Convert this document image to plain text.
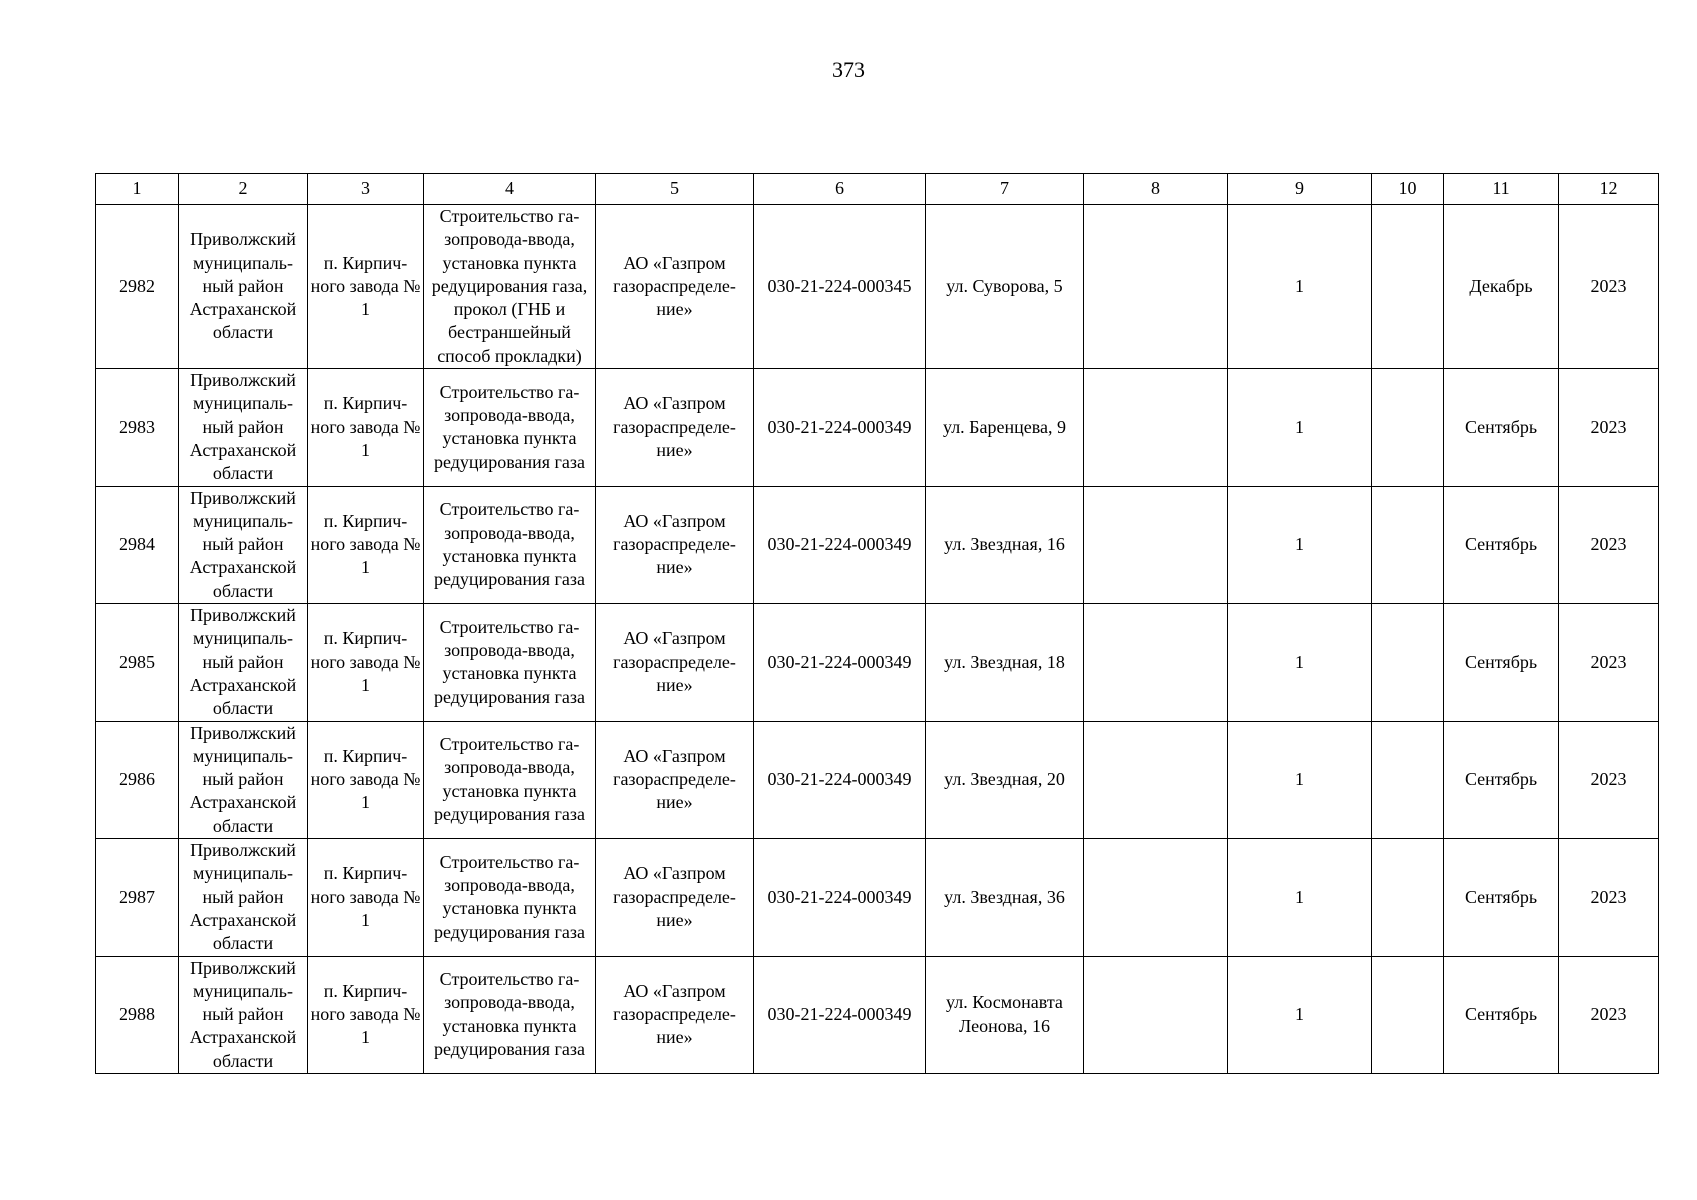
373
1	2	3	4	5	6	7	8	9	10	11	12
2982	Приволжский муниципальный район Астраханской области	п. Кирпичного завода № 1	Строительство газопровода-ввода, установка пункта редуцирования газа, прокол (ГНБ и бестраншейный способ прокладки)	АО «Газпром газораспределение»	030-21-224-000345	ул. Суворова, 5		1		Декабрь	2023
2983	Приволжский муниципальный район Астраханской области	п. Кирпичного завода № 1	Строительство газопровода-ввода, установка пункта редуцирования газа	АО «Газпром газораспределение»	030-21-224-000349	ул. Баренцева, 9		1		Сентябрь	2023
2984	Приволжский муниципальный район Астраханской области	п. Кирпичного завода № 1	Строительство газопровода-ввода, установка пункта редуцирования газа	АО «Газпром газораспределение»	030-21-224-000349	ул. Звездная, 16		1		Сентябрь	2023
2985	Приволжский муниципальный район Астраханской области	п. Кирпичного завода № 1	Строительство газопровода-ввода, установка пункта редуцирования газа	АО «Газпром газораспределение»	030-21-224-000349	ул. Звездная, 18		1		Сентябрь	2023
2986	Приволжский муниципальный район Астраханской области	п. Кирпичного завода № 1	Строительство газопровода-ввода, установка пункта редуцирования газа	АО «Газпром газораспределение»	030-21-224-000349	ул. Звездная, 20		1		Сентябрь	2023
2987	Приволжский муниципальный район Астраханской области	п. Кирпичного завода № 1	Строительство газопровода-ввода, установка пункта редуцирования газа	АО «Газпром газораспределение»	030-21-224-000349	ул. Звездная, 36		1		Сентябрь	2023
2988	Приволжский муниципальный район Астраханской области	п. Кирпичного завода № 1	Строительство газопровода-ввода, установка пункта редуцирования газа	АО «Газпром газораспределение»	030-21-224-000349	ул. Космонавта Леонова, 16		1		Сентябрь	2023
